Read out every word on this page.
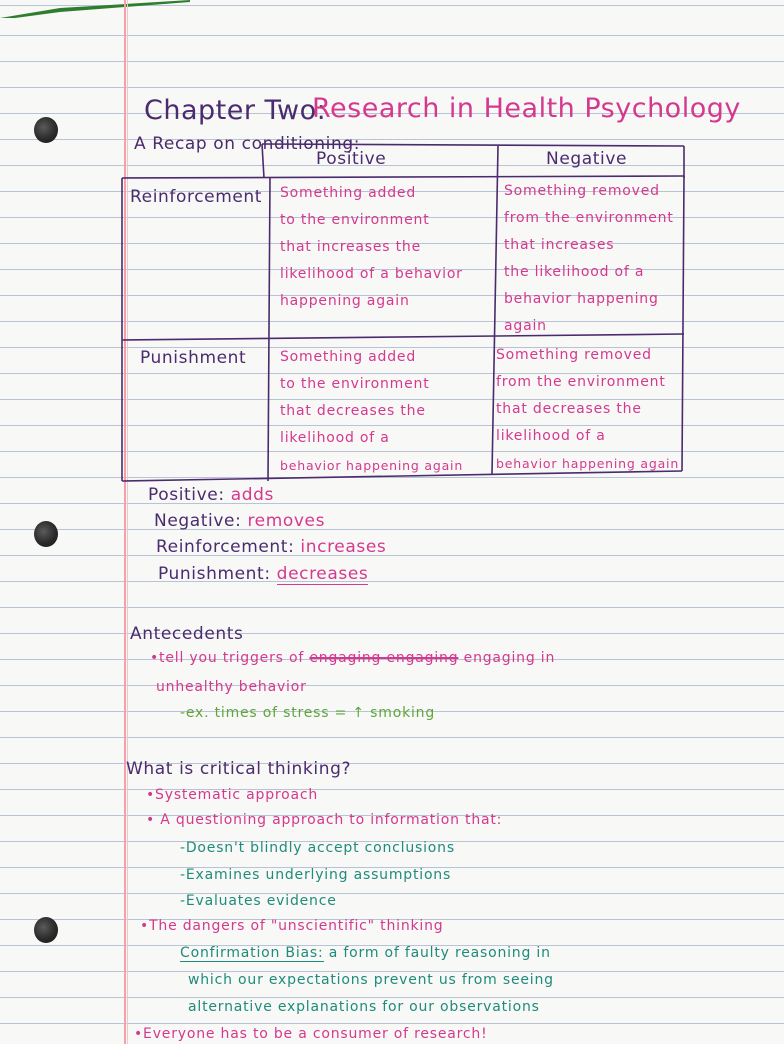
Chapter Two:
Research in Health Psychology
A Recap on conditioning:
Positive	Negative
Reinforcement
Punishment

Something added

to the environment

that increases the

likelihood of a behavior

happening again

Something removed

from the environment

that increases

the likelihood of a

behavior happening

again

Something added

to the environment

that decreases the

likelihood of a

behavior happening again

Something removed

from the environment

that decreases the

likelihood of a

behavior happening again

Positive: adds
Negative: removes
Reinforcement: increases
Punishment: decreases
Antecedents
•tell you triggers of engaging engaging engaging in
unhealthy behavior
-ex. times of stress = ↑ smoking
What is critical thinking?
•Systematic approach
• A questioning approach to information that:
-Doesn't blindly accept conclusions
-Examines underlying assumptions
-Evaluates evidence
•The dangers of "unscientific" thinking
Confirmation Bias: a form of faulty reasoning in
which our expectations prevent us from seeing
alternative explanations for our observations
•Everyone has to be a consumer of research!
